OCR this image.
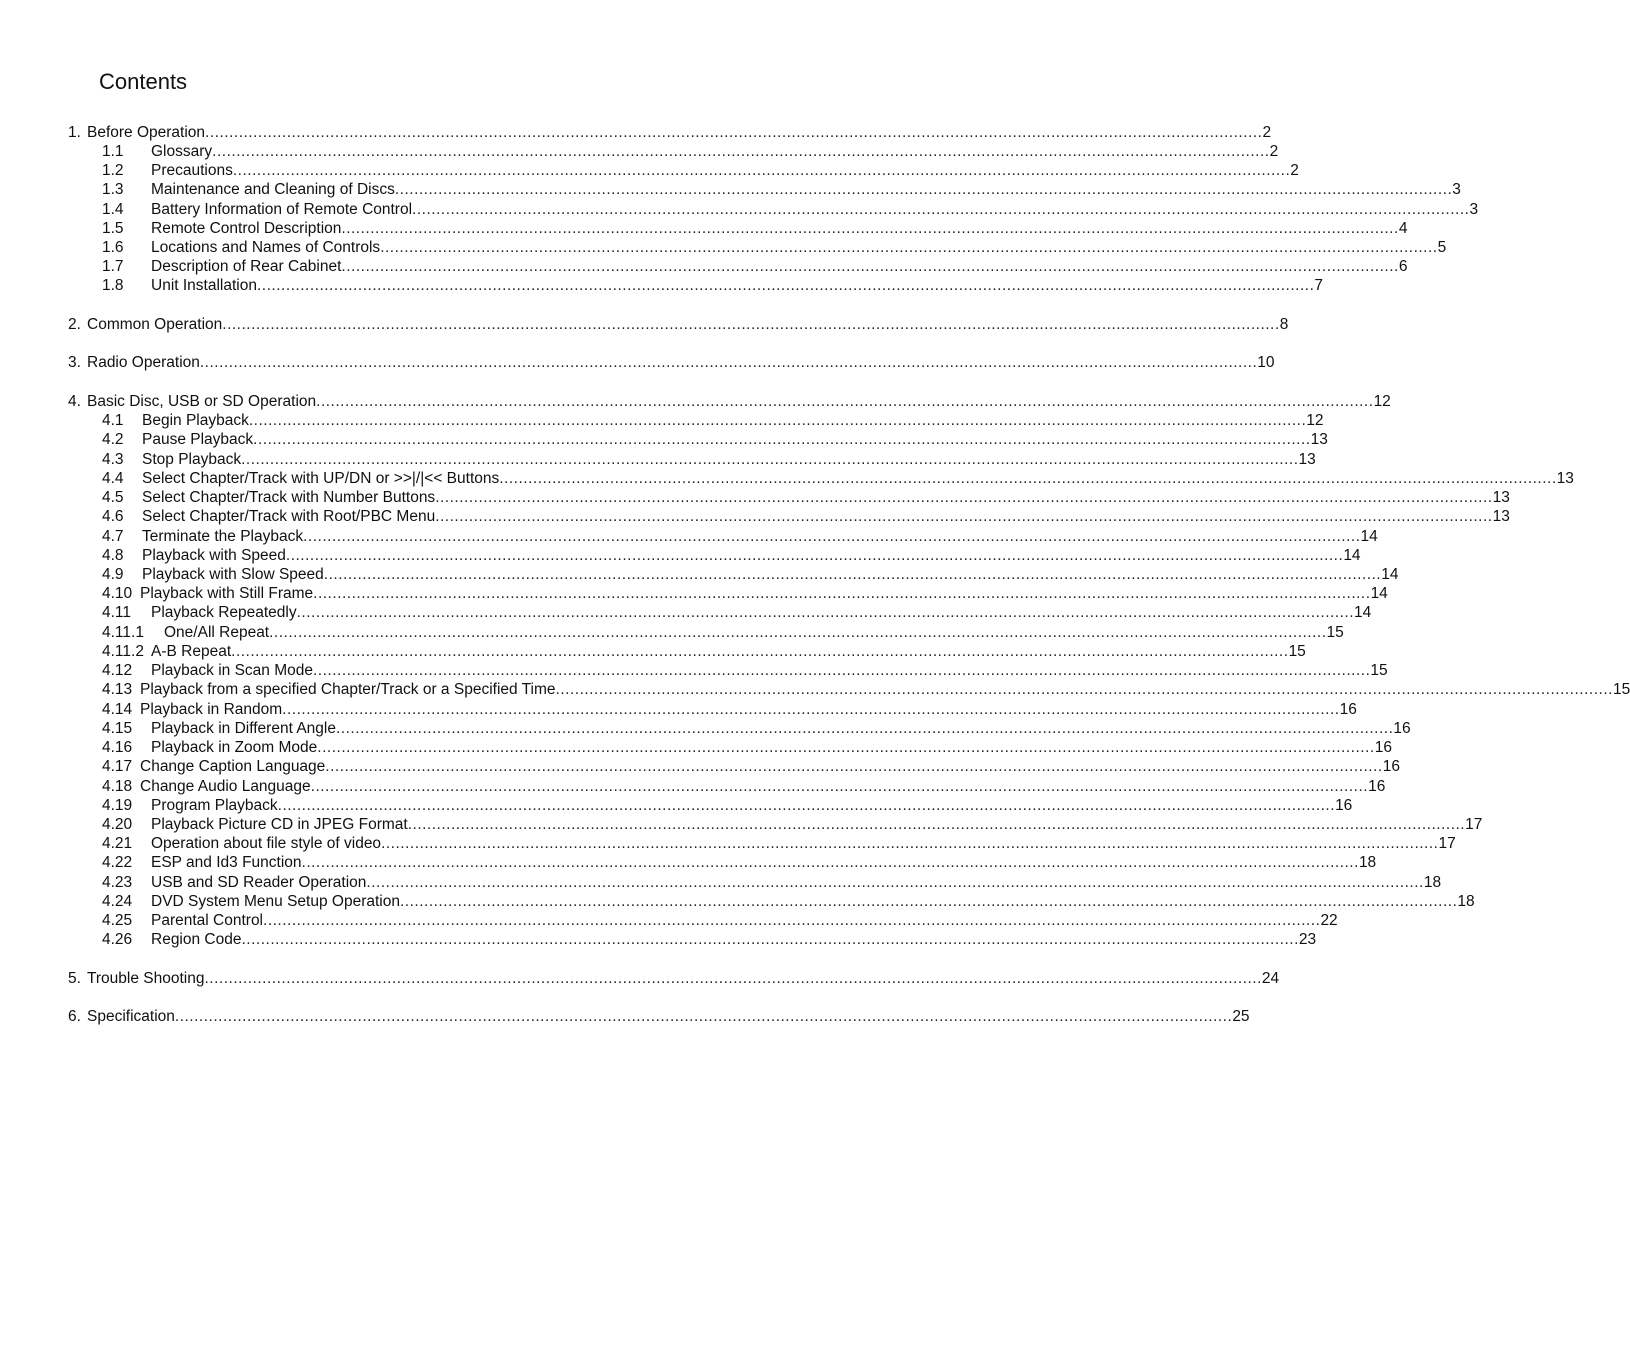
Contents
1. Before Operation ............................................................................................................................................................................................................................ 2
1.1 Glossary ............................................................................................................................................................................................................................ 2
1.2 Precautions ............................................................................................................................................................................................................................ 2
1.3 Maintenance and Cleaning of Discs ............................................................................................................................................................................................................................ 3
1.4 Battery Information of Remote Control ............................................................................................................................................................................................................................ 3
1.5 Remote Control Description ............................................................................................................................................................................................................................ 4
1.6 Locations and Names of Controls ............................................................................................................................................................................................................................ 5
1.7 Description of Rear Cabinet ............................................................................................................................................................................................................................ 6
1.8 Unit Installation ............................................................................................................................................................................................................................ 7
2. Common Operation ............................................................................................................................................................................................................................ 8
3. Radio Operation ............................................................................................................................................................................................................................ 10
4. Basic Disc, USB or SD Operation ............................................................................................................................................................................................................................ 12
4.1 Begin Playback ............................................................................................................................................................................................................................ 12
4.2 Pause Playback ............................................................................................................................................................................................................................ 13
4.3 Stop Playback ............................................................................................................................................................................................................................ 13
4.4 Select Chapter/Track with UP/DN or >>|/|<< Buttons ............................................................................................................................................................................................................................ 13
4.5 Select Chapter/Track with Number Buttons ............................................................................................................................................................................................................................ 13
4.6 Select Chapter/Track with Root/PBC Menu ............................................................................................................................................................................................................................ 13
4.7 Terminate the Playback ............................................................................................................................................................................................................................ 14
4.8 Playback with Speed ............................................................................................................................................................................................................................ 14
4.9 Playback with Slow Speed ............................................................................................................................................................................................................................ 14
4.10 Playback with Still Frame ............................................................................................................................................................................................................................ 14
4.11 Playback Repeatedly ............................................................................................................................................................................................................................ 14
4.11.1 One/All Repeat ............................................................................................................................................................................................................................ 15
4.11.2 A-B Repeat ............................................................................................................................................................................................................................ 15
4.12 Playback in Scan Mode ............................................................................................................................................................................................................................ 15
4.13 Playback from a specified Chapter/Track or a Specified Time ............................................................................................................................................................................................................................ 15
4.14 Playback in Random ............................................................................................................................................................................................................................ 16
4.15 Playback in Different Angle ............................................................................................................................................................................................................................ 16
4.16 Playback in Zoom Mode ............................................................................................................................................................................................................................ 16
4.17 Change Caption Language ............................................................................................................................................................................................................................ 16
4.18 Change Audio Language ............................................................................................................................................................................................................................ 16
4.19 Program Playback ............................................................................................................................................................................................................................ 16
4.20 Playback Picture CD in JPEG Format ............................................................................................................................................................................................................................ 17
4.21 Operation about file style of video ............................................................................................................................................................................................................................ 17
4.22 ESP and Id3 Function ............................................................................................................................................................................................................................ 18
4.23 USB and SD Reader Operation ............................................................................................................................................................................................................................ 18
4.24 DVD System Menu Setup Operation ............................................................................................................................................................................................................................ 18
4.25 Parental Control ............................................................................................................................................................................................................................ 22
4.26 Region Code ............................................................................................................................................................................................................................ 23
5. Trouble Shooting ............................................................................................................................................................................................................................ 24
6. Specification ............................................................................................................................................................................................................................ 25
